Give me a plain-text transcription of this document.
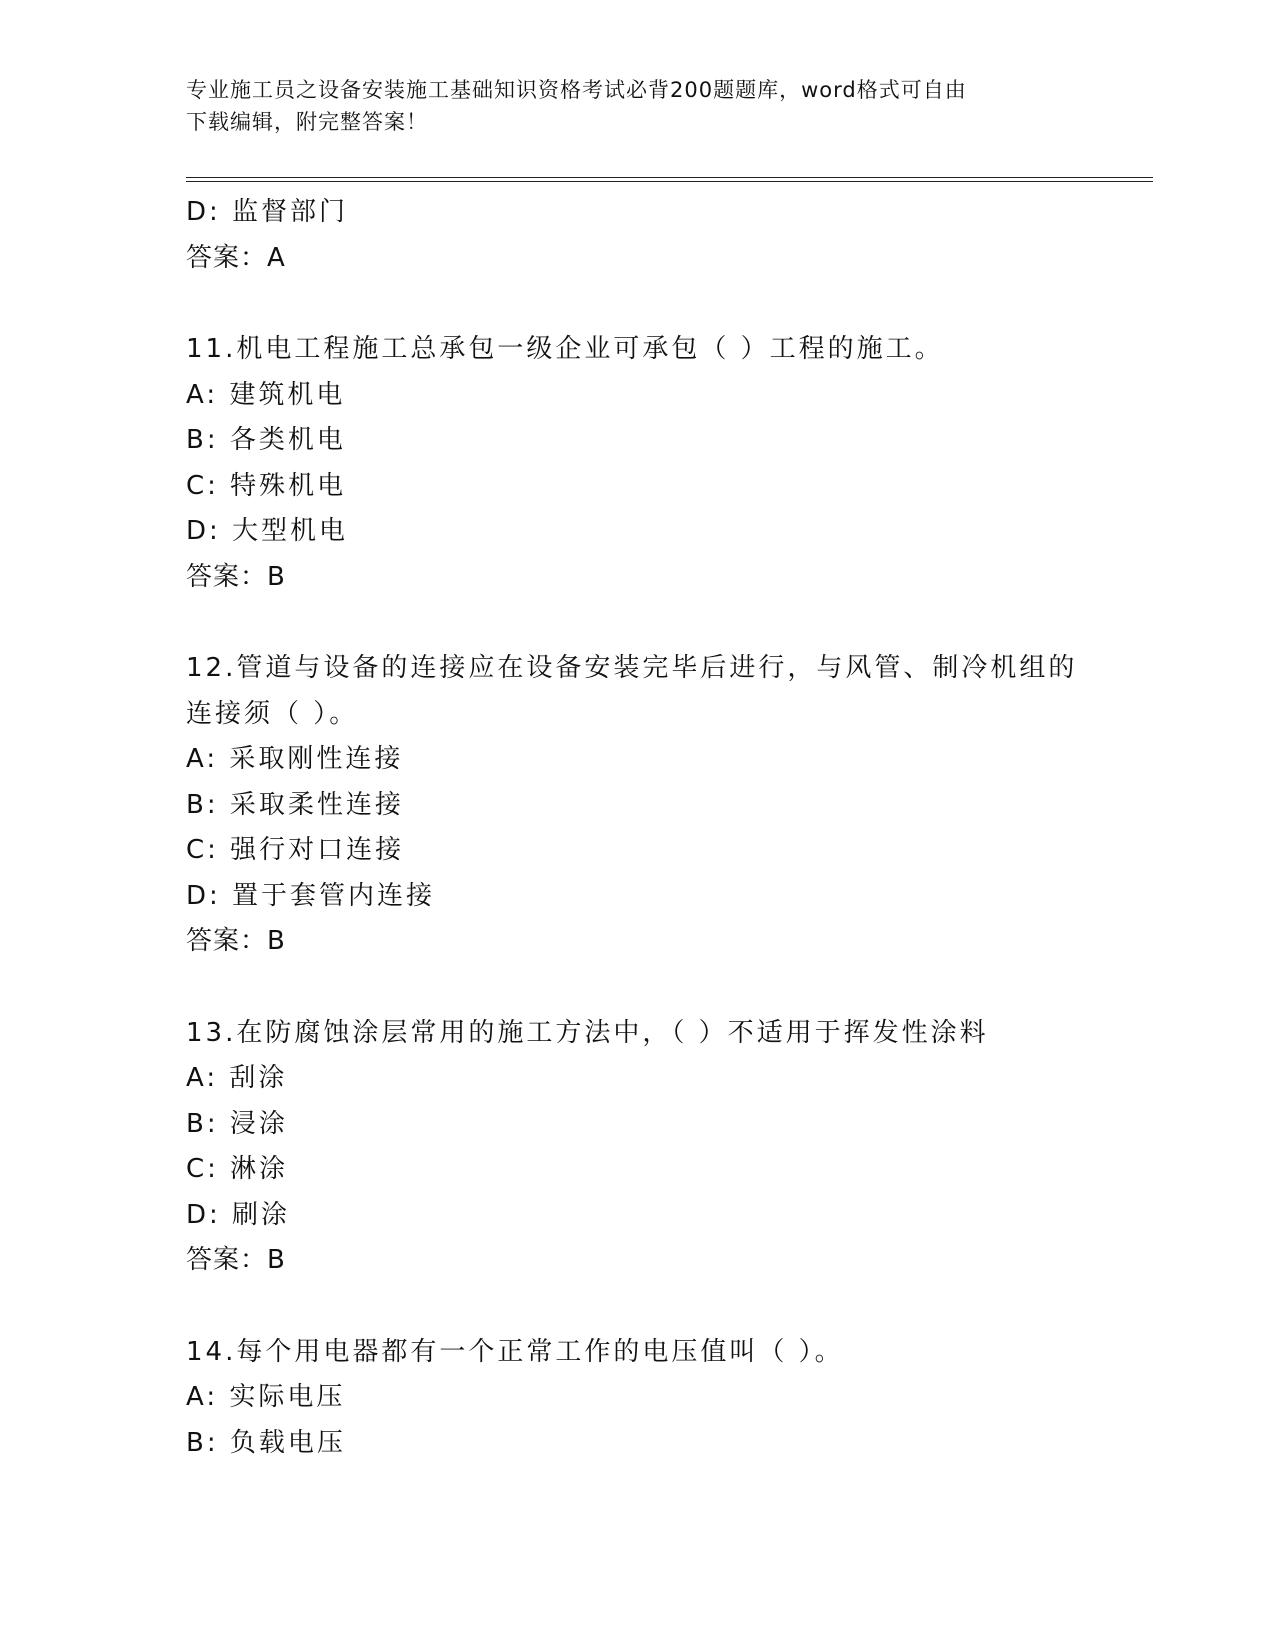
专业施工员之设备安装施工基础知识资格考试必背200题题库，word格式可自由
下载编辑，附完整答案！
D: 监督部门
答案：A
11.机电工程施工总承包一级企业可承包（ ）工程的施工。
A: 建筑机电
B: 各类机电
C: 特殊机电
D: 大型机电
答案：B
12.管道与设备的连接应在设备安装完毕后进行，与风管、制冷机组的
连接须（ ）。
A: 采取刚性连接
B: 采取柔性连接
C: 强行对口连接
D: 置于套管内连接
答案：B
13.在防腐蚀涂层常用的施工方法中，（ ）不适用于挥发性涂料
A: 刮涂
B: 浸涂
C: 淋涂
D: 刷涂
答案：B
14.每个用电器都有一个正常工作的电压值叫（ ）。
A: 实际电压
B: 负载电压
